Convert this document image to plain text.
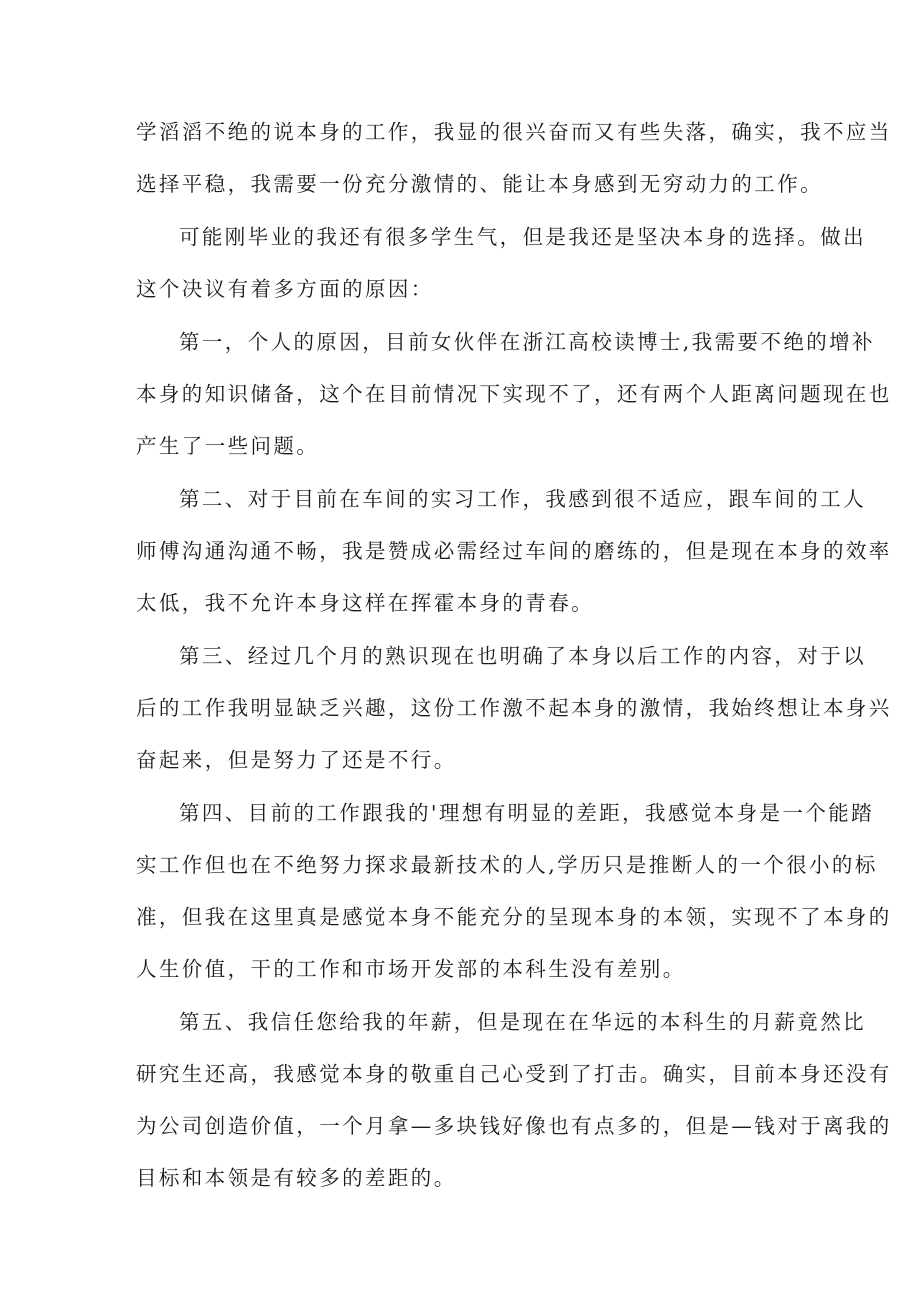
学滔滔不绝的说本身的工作，我显的很兴奋而又有些失落，确实，我不应当
选择平稳，我需要一份充分激情的、能让本身感到无穷动力的工作。
可能刚毕业的我还有很多学生气，但是我还是坚决本身的选择。做出
这个决议有着多方面的原因：
第一，个人的原因，目前女伙伴在浙江高校读博士,我需要不绝的增补
本身的知识储备，这个在目前情况下实现不了，还有两个人距离问题现在也
产生了一些问题。
第二、对于目前在车间的实习工作，我感到很不适应，跟车间的工人
师傅沟通沟通不畅，我是赞成必需经过车间的磨练的，但是现在本身的效率
太低，我不允许本身这样在挥霍本身的青春。
第三、经过几个月的熟识现在也明确了本身以后工作的内容，对于以
后的工作我明显缺乏兴趣，这份工作激不起本身的激情，我始终想让本身兴
奋起来，但是努力了还是不行。
第四、目前的工作跟我的'理想有明显的差距，我感觉本身是一个能踏
实工作但也在不绝努力探求最新技术的人,学历只是推断人的一个很小的标
准，但我在这里真是感觉本身不能充分的呈现本身的本领，实现不了本身的
人生价值，干的工作和市场开发部的本科生没有差别。
第五、我信任您给我的年薪，但是现在在华远的本科生的月薪竟然比
研究生还高，我感觉本身的敬重自己心受到了打击。确实，目前本身还没有
为公司创造价值，一个月拿—多块钱好像也有点多的，但是—钱对于离我的
目标和本领是有较多的差距的。
